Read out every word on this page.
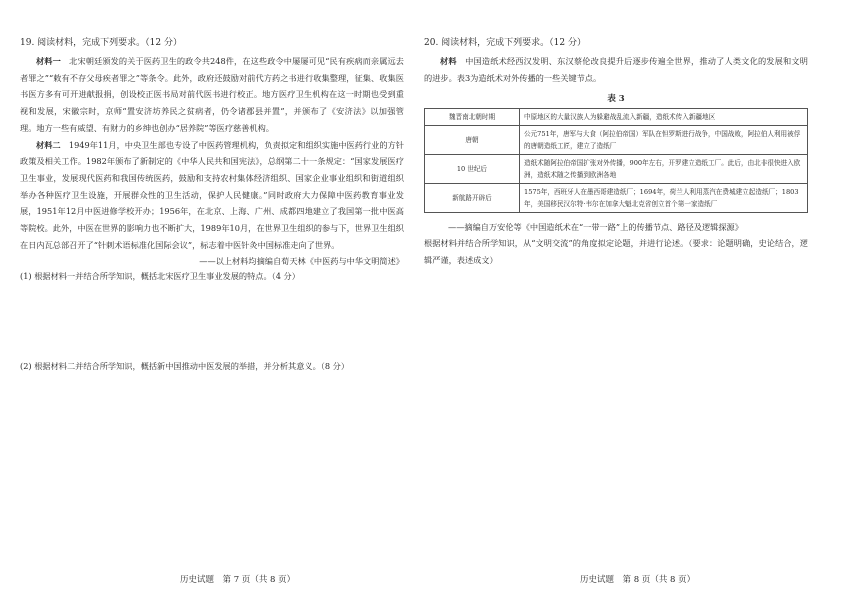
19. 阅读材料，完成下列要求。（12 分）

材料一　 北宋朝廷颁发的关于医药卫生的政令共248件，在这些政令中屡屡可见“民有疾病而亲属远去者罪之”“敕有不存父母疾者罪之”等条令。此外，政府还鼓励对前代方药之书进行收集整理，征集、收集医书医方多有可开进献报捐，创设校正医书局对前代医书进行校正。地方医疗卫生机构在这一时期也受到重视和发展，宋徽宗时，京师“置安济坊养民之贫病者，仍令诸郡县并置”，并颁布了《安济法》以加强管理。地方一些有威望、有财力的乡绅也创办“居养院”等医疗慈善机构。

材料二　 1949年11月，中央卫生部也专设了中医药管理机构，负责拟定和组织实施中医药行业的方针政策及相关工作。1982年颁布了新制定的《中华人民共和国宪法》，总纲第二十一条规定：“国家发展医疗卫生事业，发展现代医药和我国传统医药，鼓励和支持农村集体经济组织、国家企业事业组织和街道组织举办各种医疗卫生设施，开展群众性的卫生活动，保护人民健康。”同时政府大力保障中医药教育事业发展，1951年12月中医进修学校开办；1956年，在北京、上海、广州、成都四地建立了我国第一批中医高等院校。此外，中医在世界的影响力也不断扩大，1989年10月，在世界卫生组织的参与下，世界卫生组织在日内瓦总部召开了“针刺术语标准化国际会议”，标志着中医针灸中国标准走向了世界。

——以上材料均摘编自荀天林《中医药与中华文明简述》

(1) 根据材料一并结合所学知识，概括北宋医疗卫生事业发展的特点。（4 分）

(2) 根据材料二并结合所学知识，概括新中国推动中医发展的举措，并分析其意义。（8 分）

20. 阅读材料，完成下列要求。（12 分）

材料　 中国造纸术经西汉发明、东汉蔡伦改良提升后逐步传遍全世界，推动了人类文化的发展和文明的进步。表3为造纸术对外传播的一些关键节点。

表 3

魏晋南北朝时期	中原地区的大量汉族人为躲避战乱流入新疆，造纸术传入新疆地区
唐朝	公元751年，唐军与大食（阿拉伯帝国）军队在怛罗斯进行战争，中国战败，阿拉伯人利用被俘的唐朝造纸工匠，建立了造纸厂
10 世纪后	造纸术随阿拉伯帝国扩张对外传播，900年左右，开罗建立造纸工厂。此后，由北非很快进入欧洲，造纸术随之传播到欧洲各地
新航路开辟后	1575年，西班牙人在墨西哥建造纸厂；1694年，荷兰人利用蒸汽在费城建立起造纸厂；1803年，美国移民汉尔特·韦尔在加拿大魁北克省创立首个第一家造纸厂

——摘编自万安伦等《中国造纸术在“一带一路”上的传播节点、路径及逻辑探源》

根据材料并结合所学知识，从“文明交流”的角度拟定论题，并进行论述。（要求：论题明确，史论结合，逻辑严谨，表述成文）

历史试题　第 7 页（共 8 页）	历史试题　第 8 页（共 8 页）
